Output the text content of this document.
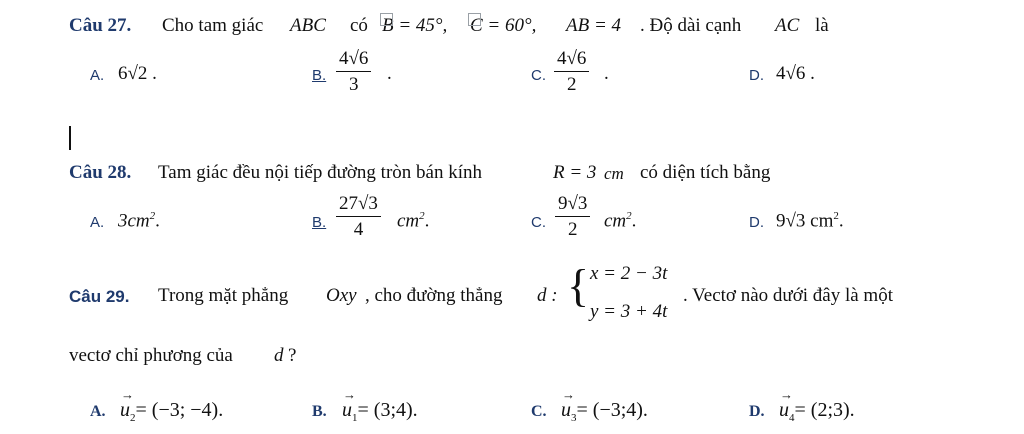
Câu 27. Cho tam giác ABC có B = 45°, C = 60°, AB = 4 . Độ dài cạnh AC là
A. 6√2 .	B. $\frac{4√6}{3}$ .	C. $\frac{4√6}{2}$ .	D. 4√6 .
Câu 28. Tam giác đều nội tiếp đường tròn bán kính	R = 3 cm có diện tích bằng
A. $3cm^2$.	B. $\frac{27√3}{4} cm^2$.	C. $\frac{9√3}{2} cm^2$.	D. 9√3 $cm^2$.
Câu 29. Trong mặt phẳng Oxy , cho đường thẳng d : { x = 2 − 3t
y = 3 + 4t
. Vectơ nào dưới đây là một
vectơ chỉ phương của d ?
A. → $u_2= (-3$; −4).	B. → $u_1=$ (3;4).	C. → $u_3=$ (−3;4).	D. → $u_4=$ (2;3).
